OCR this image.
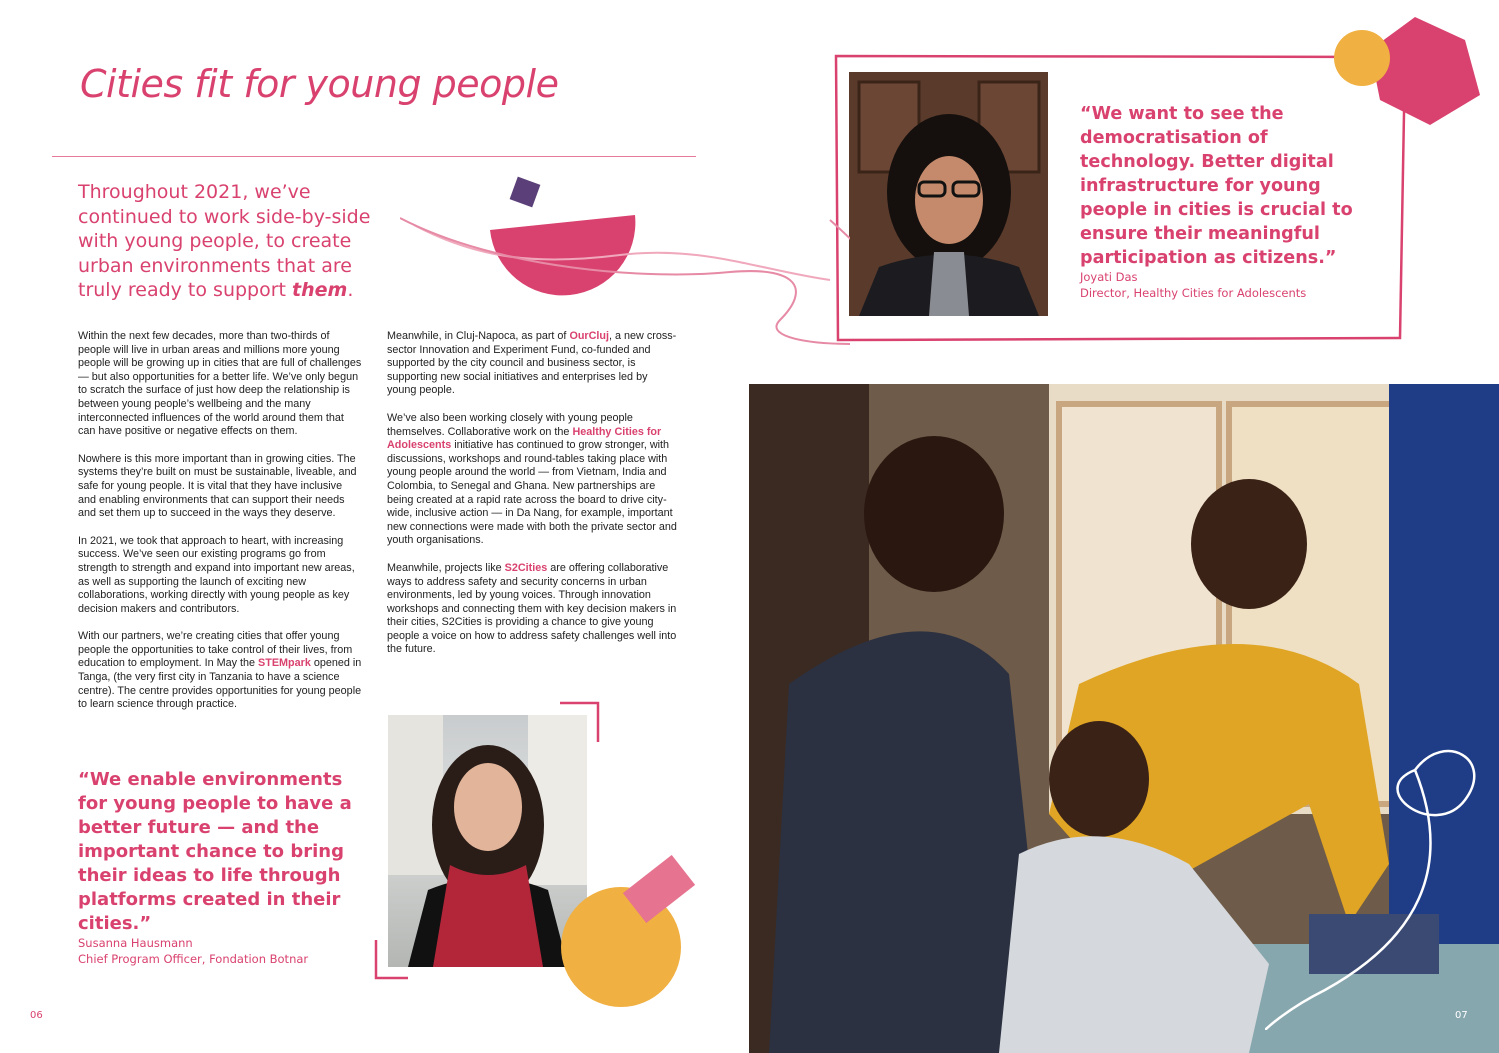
Cities fit for young people
Throughout 2021, we’ve continued to work side-by-side with young people, to create urban environments that are truly ready to support them.

Within the next few decades, more than two-thirds of people will live in urban areas and millions more young people will be growing up in cities that are full of challenges — but also opportunities for a better life. We’ve only begun to scratch the surface of just how deep the relationship is between young people’s wellbeing and the many interconnected influences of the world around them that can have positive or negative effects on them.

Nowhere is this more important than in growing cities. The systems they’re built on must be sustainable, liveable, and safe for young people. It is vital that they have inclusive and enabling environments that can support their needs and set them up to succeed in the ways they deserve.

In 2021, we took that approach to heart, with increasing success. We’ve seen our existing programs go from strength to strength and expand into important new areas, as well as supporting the launch of exciting new collaborations, working directly with young people as key decision makers and contributors.

With our partners, we’re creating cities that offer young people the opportunities to take control of their lives, from education to employment. In May the STEMpark opened in Tanga, (the very first city in Tanzania to have a science centre). The centre provides opportunities for young people to learn science through practice.

Meanwhile, in Cluj-Napoca, as part of OurCluj, a new cross-sector Innovation and Experiment Fund, co-funded and supported by the city council and business sector, is supporting new social initiatives and enterprises led by young people.

We’ve also been working closely with young people themselves. Collaborative work on the Healthy Cities for Adolescents initiative has continued to grow stronger, with discussions, workshops and round-tables taking place with young people around the world — from Vietnam, India and Colombia, to Senegal and Ghana. New partnerships are being created at a rapid rate across the board to drive city-wide, inclusive action — in Da Nang, for example, important new connections were made with both the private sector and youth organisations.

Meanwhile, projects like S2Cities are offering collaborative ways to address safety and security concerns in urban environments, led by young voices. Through innovation workshops and connecting them with key decision makers in their cities, S2Cities is providing a chance to give young people a voice on how to address safety challenges well into the future.

“We enable environments for young people to have a better future — and the important chance to bring their ideas to life through platforms created in their cities.”
Susanna Hausmann
Chief Program Officer, Fondation Botnar
06
“We want to see the democratisation of technology. Better digital infrastructure for young people in cities is crucial to ensure their meaningful participation as citizens.”
Joyati Das
Director, Healthy Cities for Adolescents
07
